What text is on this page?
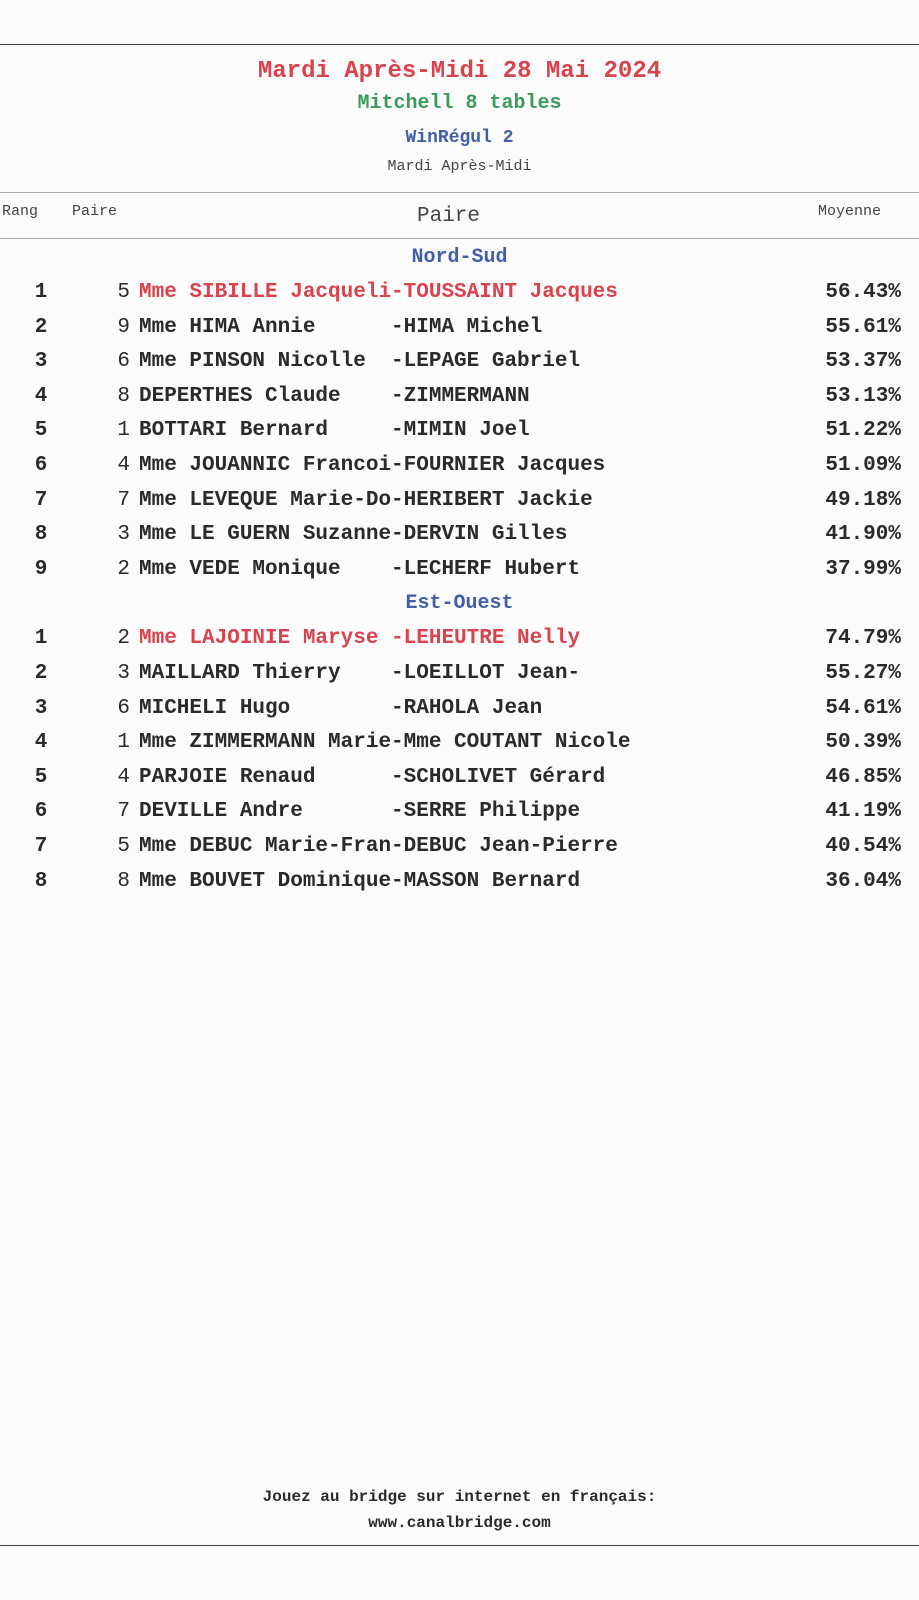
Mardi Après-Midi 28 Mai 2024
Mitchell 8 tables
WinRégul 2
Mardi Après-Midi
Rang Paire	Paire	Moyenne
Nord-Sud
1	5 Mme SIBILLE Jacqueli-TOUSSAINT Jacques	56.43%
2	9 Mme HIMA Annie      -HIMA Michel	55.61%
3	6 Mme PINSON Nicolle  -LEPAGE Gabriel	53.37%
4	8 DEPERTHES Claude    -ZIMMERMANN	53.13%
5	1 BOTTARI Bernard     -MIMIN Joel	51.22%
6	4 Mme JOUANNIC Francoi-FOURNIER Jacques	51.09%
7	7 Mme LEVEQUE Marie-Do-HERIBERT Jackie	49.18%
8	3 Mme LE GUERN Suzanne-DERVIN Gilles	41.90%
9	2 Mme VEDE Monique    -LECHERF Hubert	37.99%
Est-Ouest
1	2 Mme LAJOINIE Maryse -LEHEUTRE Nelly	74.79%
2	3 MAILLARD Thierry    -LOEILLOT Jean-	55.27%
3	6 MICHELI Hugo        -RAHOLA Jean	54.61%
4	1 Mme ZIMMERMANN Marie-Mme COUTANT Nicole	50.39%
5	4 PARJOIE Renaud      -SCHOLIVET Gérard	46.85%
6	7 DEVILLE Andre       -SERRE Philippe	41.19%
7	5 Mme DEBUC Marie-Fran-DEBUC Jean-Pierre	40.54%
8	8 Mme BOUVET Dominique-MASSON Bernard	36.04%
Jouez au bridge sur internet en français:
www.canalbridge.com
